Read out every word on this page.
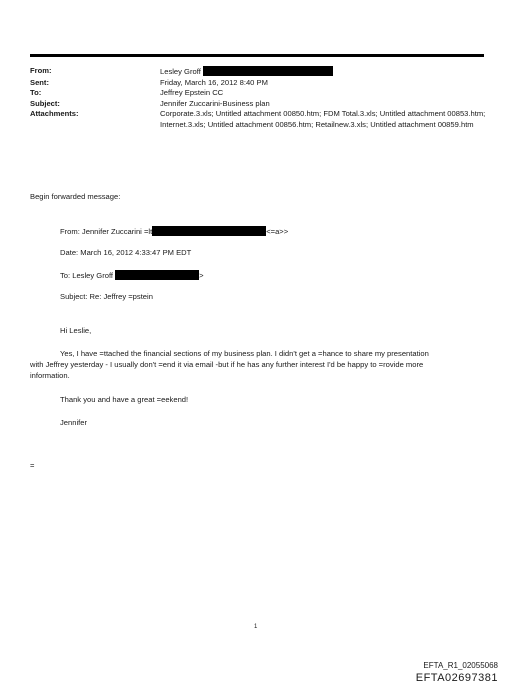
From:	Lesley Groff
Sent:	Friday, March 16, 2012 8:40 PM
To:	Jeffrey Epstein CC
Subject:	Jennifer Zuccarini-Business plan
Attachments:	Corporate.3.xls; Untitled attachment 00850.htm; FDM Total.3.xls; Untitled attachment 00853.htm; Internet.3.xls; Untitled attachment 00856.htm; Retailnew.3.xls; Untitled attachment 00859.htm
Begin forwarded message:
From: Jennifer Zuccarini =lt	<=a>>
Date: March 16, 2012 4:33:47 PM EDT
To: Lesley Groff	>
Subject: Re: Jeffrey =pstein
Hi Leslie,
Yes, I have =ttached the financial sections of my business plan. I didn't get a =hance to share my presentation
with Jeffrey yesterday - I usually don't =end it via email -but if he has any further interest I'd be happy to =rovide more
information.
Thank you and have a great =eekend!
Jennifer
=
1
EFTA_R1_02055068
EFTA02697381
